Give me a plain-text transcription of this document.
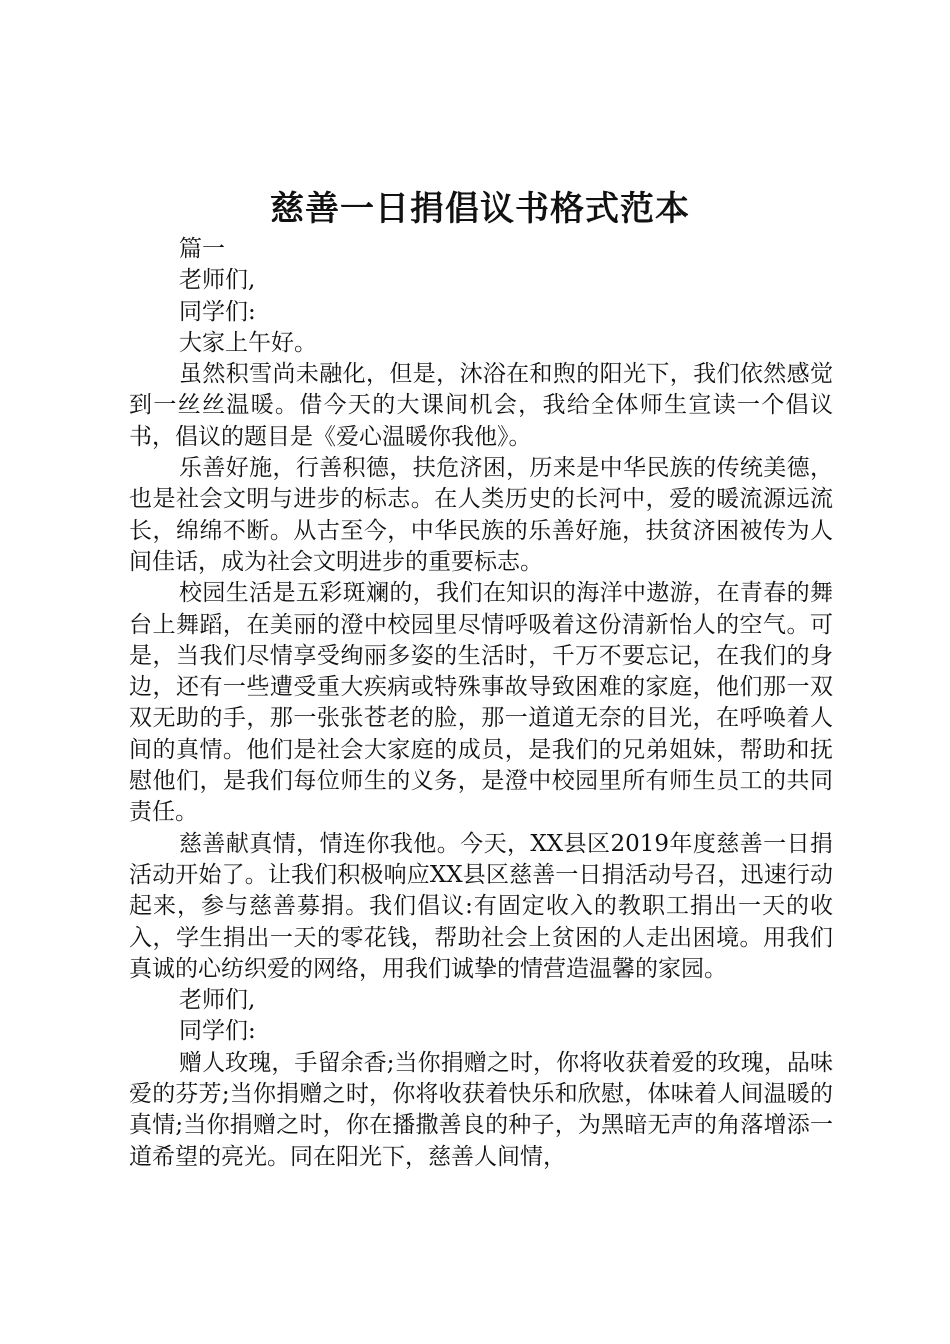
慈善一日捐倡议书格式范本

篇一

老师们,

同学们:

大家上午好。

虽然积雪尚未融化，但是，沐浴在和煦的阳光下，我们依然感觉到一丝丝温暖。借今天的大课间机会，我给全体师生宣读一个倡议书，倡议的题目是《爱心温暖你我他》。

乐善好施，行善积德，扶危济困，历来是中华民族的传统美德，也是社会文明与进步的标志。在人类历史的长河中，爱的暖流源远流长，绵绵不断。从古至今，中华民族的乐善好施，扶贫济困被传为人间佳话，成为社会文明进步的重要标志。

校园生活是五彩斑斓的，我们在知识的海洋中遨游，在青春的舞台上舞蹈，在美丽的澄中校园里尽情呼吸着这份清新怡人的空气。可是，当我们尽情享受绚丽多姿的生活时，千万不要忘记，在我们的身边，还有一些遭受重大疾病或特殊事故导致困难的家庭，他们那一双双无助的手，那一张张苍老的脸，那一道道无奈的目光，在呼唤着人间的真情。他们是社会大家庭的成员，是我们的兄弟姐妹，帮助和抚慰他们，是我们每位师生的义务，是澄中校园里所有师生员工的共同责任。

慈善献真情，情连你我他。今天，XX县区2019年度慈善一日捐活动开始了。让我们积极响应XX县区慈善一日捐活动号召，迅速行动起来，参与慈善募捐。我们倡议:有固定收入的教职工捐出一天的收入，学生捐出一天的零花钱，帮助社会上贫困的人走出困境。用我们真诚的心纺织爱的网络，用我们诚挚的情营造温馨的家园。

老师们,

同学们:

赠人玫瑰，手留余香;当你捐赠之时，你将收获着爱的玫瑰，品味爱的芬芳;当你捐赠之时，你将收获着快乐和欣慰，体味着人间温暖的真情;当你捐赠之时，你在播撒善良的种子，为黑暗无声的角落增添一道希望的亮光。同在阳光下，慈善人间情，
